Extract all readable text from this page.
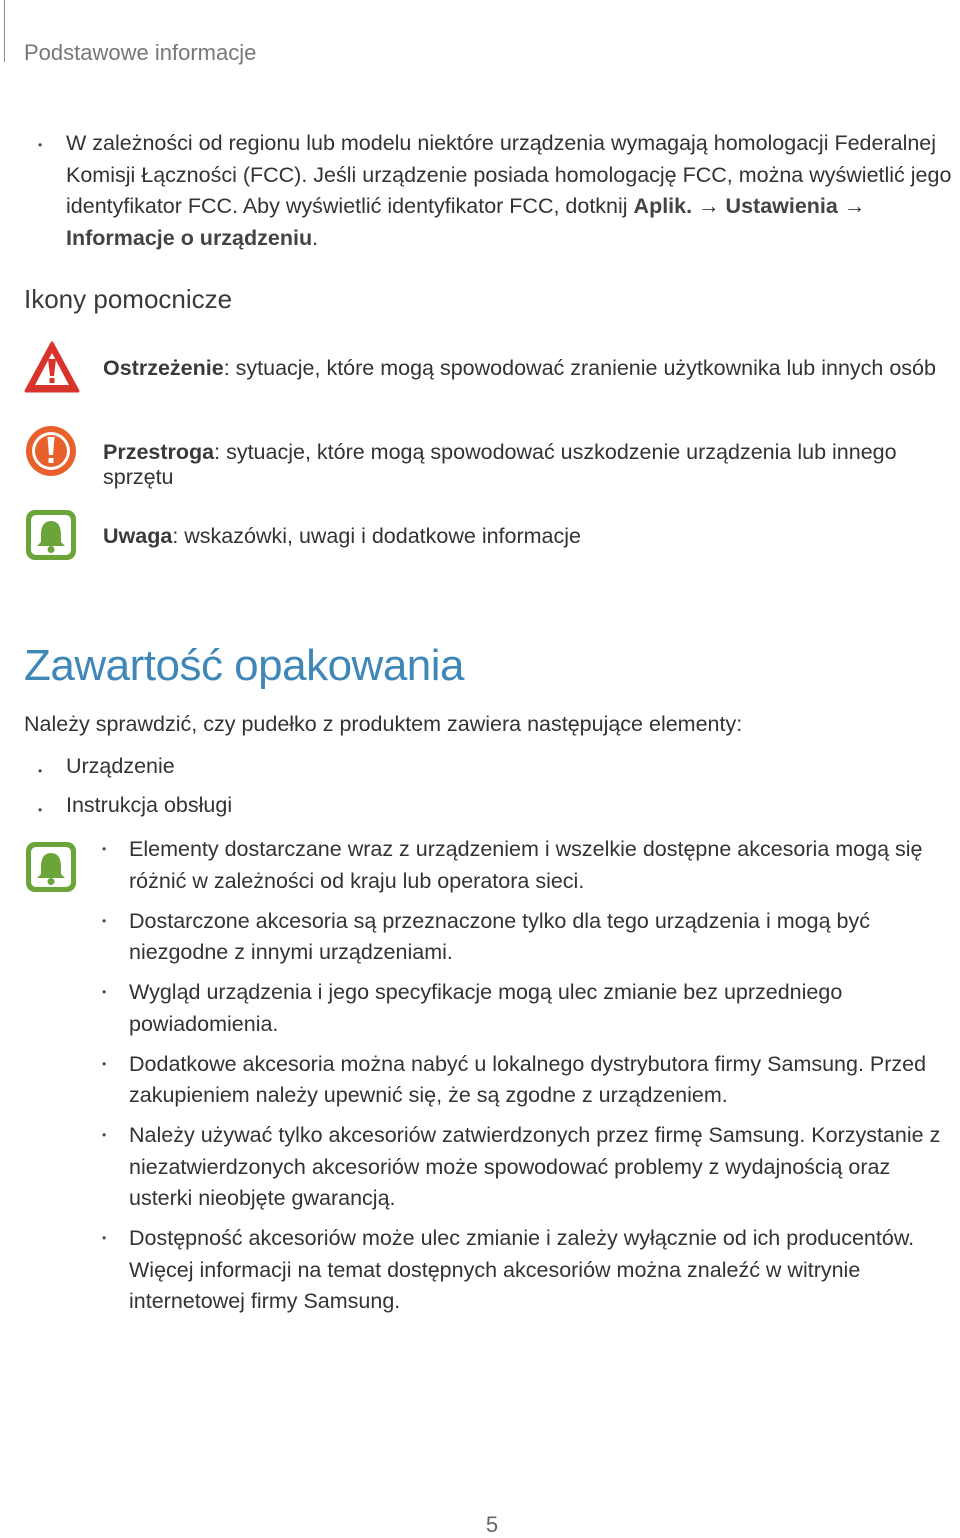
Podstawowe informacje
• W zależności od regionu lub modelu niektóre urządzenia wymagają homologacji Federalnej Komisji Łączności (FCC). Jeśli urządzenie posiada homologację FCC, można wyświetlić jego identyfikator FCC. Aby wyświetlić identyfikator FCC, dotknij Aplik. → Ustawienia → Informacje o urządzeniu.

Ikony pomocnicze
Ostrzeżenie: sytuacje, które mogą spowodować zranienie użytkownika lub innych osób
Przestroga: sytuacje, które mogą spowodować uszkodzenie urządzenia lub innego sprzętu
Uwaga: wskazówki, uwagi i dodatkowe informacje
Zawartość opakowania

Należy sprawdzić, czy pudełko z produktem zawiera następujące elementy:

• Urządzenie
• Instrukcja obsługi
• Elementy dostarczane wraz z urządzeniem i wszelkie dostępne akcesoria mogą się różnić w zależności od kraju lub operatora sieci.
• Dostarczone akcesoria są przeznaczone tylko dla tego urządzenia i mogą być niezgodne z innymi urządzeniami.
• Wygląd urządzenia i jego specyfikacje mogą ulec zmianie bez uprzedniego powiadomienia.
• Dodatkowe akcesoria można nabyć u lokalnego dystrybutora firmy Samsung. Przed zakupieniem należy upewnić się, że są zgodne z urządzeniem.
• Należy używać tylko akcesoriów zatwierdzonych przez firmę Samsung. Korzystanie z niezatwierdzonych akcesoriów może spowodować problemy z wydajnością oraz usterki nieobjęte gwarancją.
• Dostępność akcesoriów może ulec zmianie i zależy wyłącznie od ich producentów. Więcej informacji na temat dostępnych akcesoriów można znaleźć w witrynie internetowej firmy Samsung.
5
